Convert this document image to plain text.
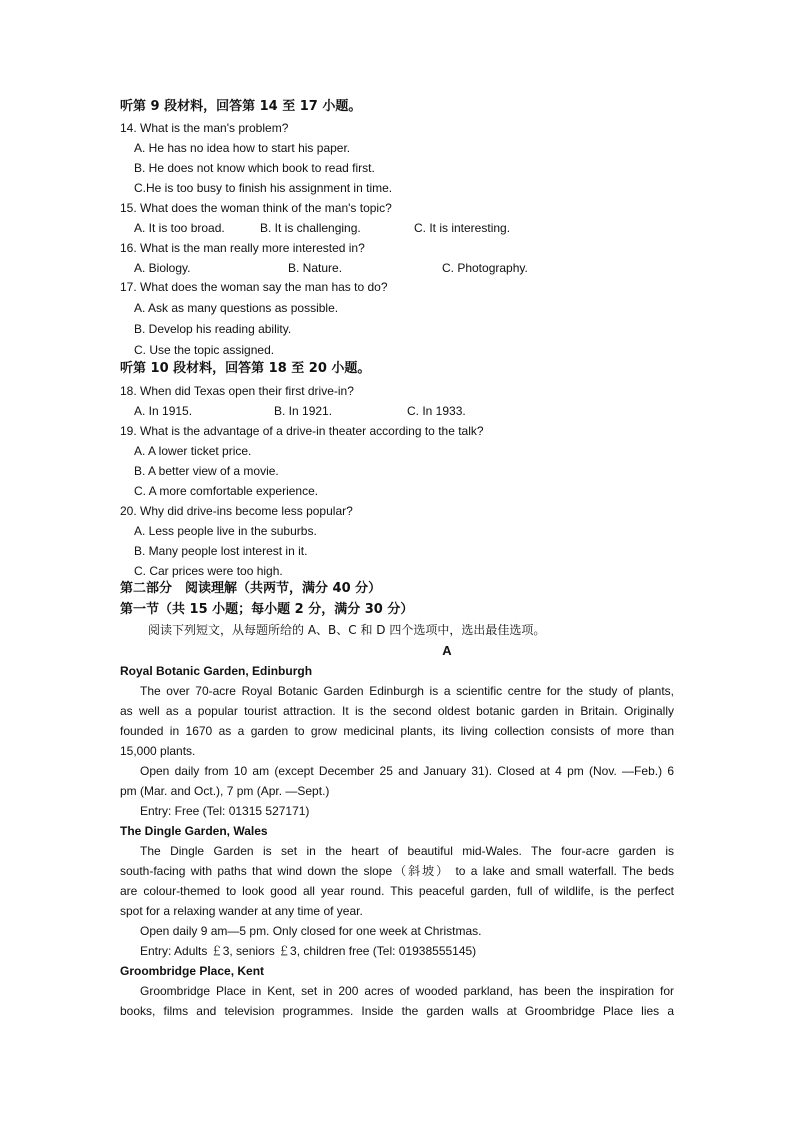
听第 9 段材料，回答第 14 至 17 小题。
14. What is the man's problem?
A. He has no idea how to start his paper.
B. He does not know which book to read first.
C.He is too busy to finish his assignment in time.
15. What does the woman think of the man's topic?
A. It is too broad.	B. It is challenging.	C. It is interesting.
16. What is the man really more interested in?
A. Biology.	B. Nature.	C. Photography.
17. What does the woman say the man has to do?
A. Ask as many questions as possible.
B. Develop his reading ability.
C. Use the topic assigned.
听第 10 段材料，回答第 18 至 20 小题。
18. When did Texas open their first drive-in?
A. In 1915.	B. In 1921.	C. In 1933.
19. What is the advantage of a drive-in theater according to the talk?
A. A lower ticket price.
B. A better view of a movie.
C. A more comfortable experience.
20. Why did drive-ins become less popular?
A. Less people live in the suburbs.
B. Many people lost interest in it.
C. Car prices were too high.
第二部分　阅读理解（共两节，满分 40 分）
第一节（共 15 小题；每小题 2 分，满分 30 分）
阅读下列短文，从每题所给的 A、B、C 和 D 四个选项中，选出最佳选项。
A
Royal Botanic Garden, Edinburgh
The over 70-acre Royal Botanic Garden Edinburgh is a scientific centre for the study of plants,
as well as a popular tourist attraction. It is the second oldest botanic garden in Britain. Originally
founded in 1670 as a garden to grow medicinal plants, its living collection consists of more than
15,000 plants.
Open daily from 10 am (except December 25 and January 31). Closed at 4 pm (Nov. —Feb.) 6
pm (Mar. and Oct.), 7 pm (Apr. —Sept.)
Entry: Free (Tel: 01315 527171)
The Dingle Garden, Wales
The Dingle Garden is set in the heart of beautiful mid-Wales. The four-acre garden is
south-facing with paths that wind down the slope（斜坡） to a lake and small waterfall. The beds
are colour-themed to look good all year round. This peaceful garden, full of wildlife, is the perfect
spot for a relaxing wander at any time of year.
Open daily 9 am—5 pm. Only closed for one week at Christmas.
Entry: Adults ￡3, seniors ￡3, children free (Tel: 01938555145)
Groombridge Place, Kent
Groombridge Place in Kent, set in 200 acres of wooded parkland, has been the inspiration for
books, films and television programmes. Inside the garden walls at Groombridge Place lies a
